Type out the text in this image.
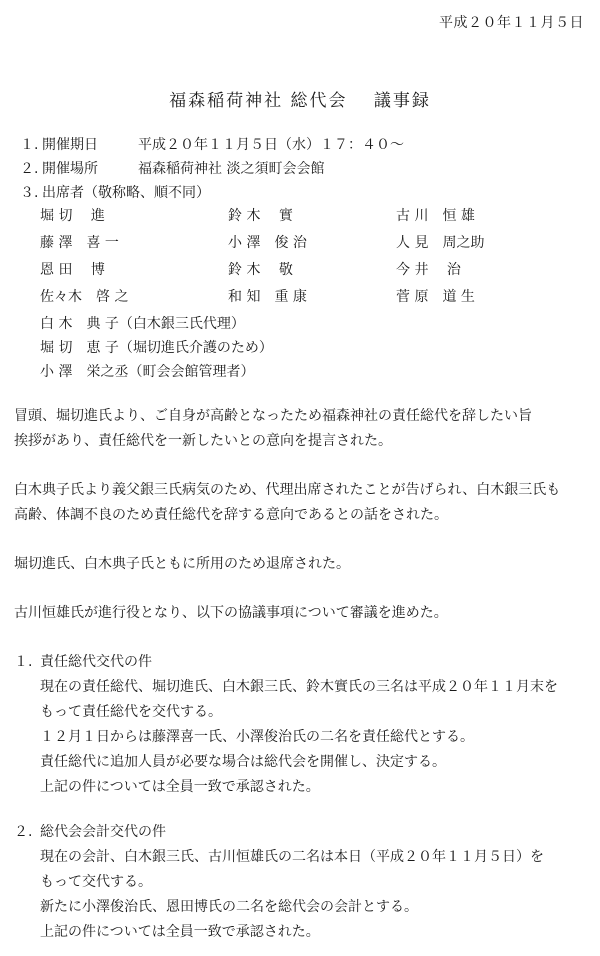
平成２０年１１月５日
福森稲荷神社 総代会　 議事録
１. 開催期日	平成２０年１１月５日（水）１７：４０～
２. 開催場所	福森稲荷神社 淡之須町会会館
３. 出席者（敬称略、順不同）
堀 切　 進	鈴 木　 實	古 川　恒 雄
藤 澤　喜 一	小 澤　俊 治	人 見　周之助
恩 田　 博	鈴 木　 敬	今 井　 治
佐々木　啓 之	和 知　重 康	菅 原　道 生
白 木　典 子（白木銀三氏代理）
堀 切　恵 子（堀切進氏介護のため）
小 澤　栄之丞（町会会館管理者）
冒頭、堀切進氏より、ご自身が高齢となったため福森神社の責任総代を辞したい旨
挨拶があり、責任総代を一新したいとの意向を提言された。
白木典子氏より義父銀三氏病気のため、代理出席されたことが告げられ、白木銀三氏も
高齢、体調不良のため責任総代を辞する意向であるとの話をされた。
堀切進氏、白木典子氏ともに所用のため退席された。
古川恒雄氏が進行役となり、以下の協議事項について審議を進めた。
１. 責任総代交代の件
現在の責任総代、堀切進氏、白木銀三氏、鈴木實氏の三名は平成２０年１１月末を
もって責任総代を交代する。
１２月１日からは藤澤喜一氏、小澤俊治氏の二名を責任総代とする。
責任総代に追加人員が必要な場合は総代会を開催し、決定する。
上記の件については全員一致で承認された。
２. 総代会会計交代の件
現在の会計、白木銀三氏、古川恒雄氏の二名は本日（平成２０年１１月５日）を
もって交代する。
新たに小澤俊治氏、恩田博氏の二名を総代会の会計とする。
上記の件については全員一致で承認された。
